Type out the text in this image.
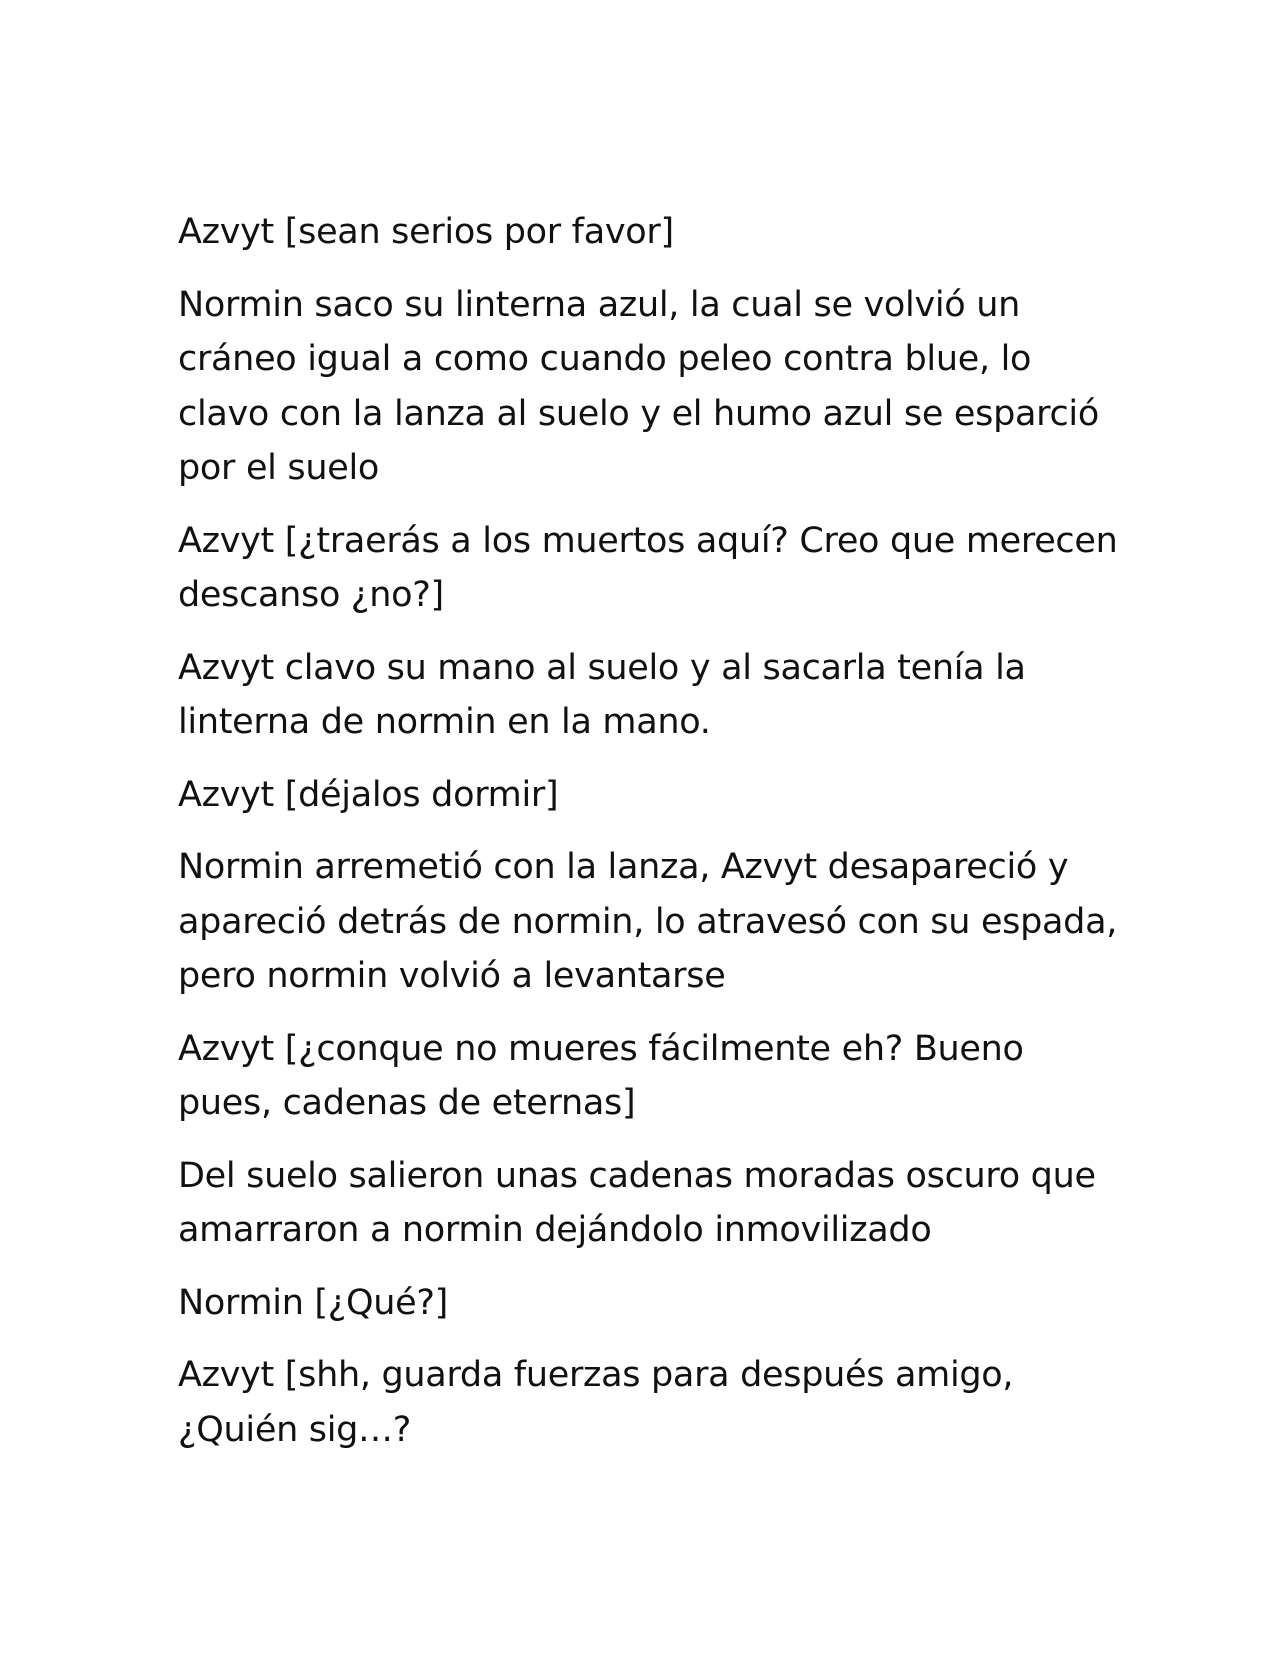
Azvyt [sean serios por favor]

Normin saco su linterna azul, la cual se volvió un
cráneo igual a como cuando peleo contra blue, lo
clavo con la lanza al suelo y el humo azul se esparció
por el suelo

Azvyt [¿traerás a los muertos aquí? Creo que merecen
descanso ¿no?]

Azvyt clavo su mano al suelo y al sacarla tenía la
linterna de normin en la mano.

Azvyt [déjalos dormir]

Normin arremetió con la lanza, Azvyt desapareció y
apareció detrás de normin, lo atravesó con su espada,
pero normin volvió a levantarse

Azvyt [¿conque no mueres fácilmente eh? Bueno
pues, cadenas de eternas]

Del suelo salieron unas cadenas moradas oscuro que
amarraron a normin dejándolo inmovilizado

Normin [¿Qué?]

Azvyt [shh, guarda fuerzas para después amigo,
¿Quién sig…?
